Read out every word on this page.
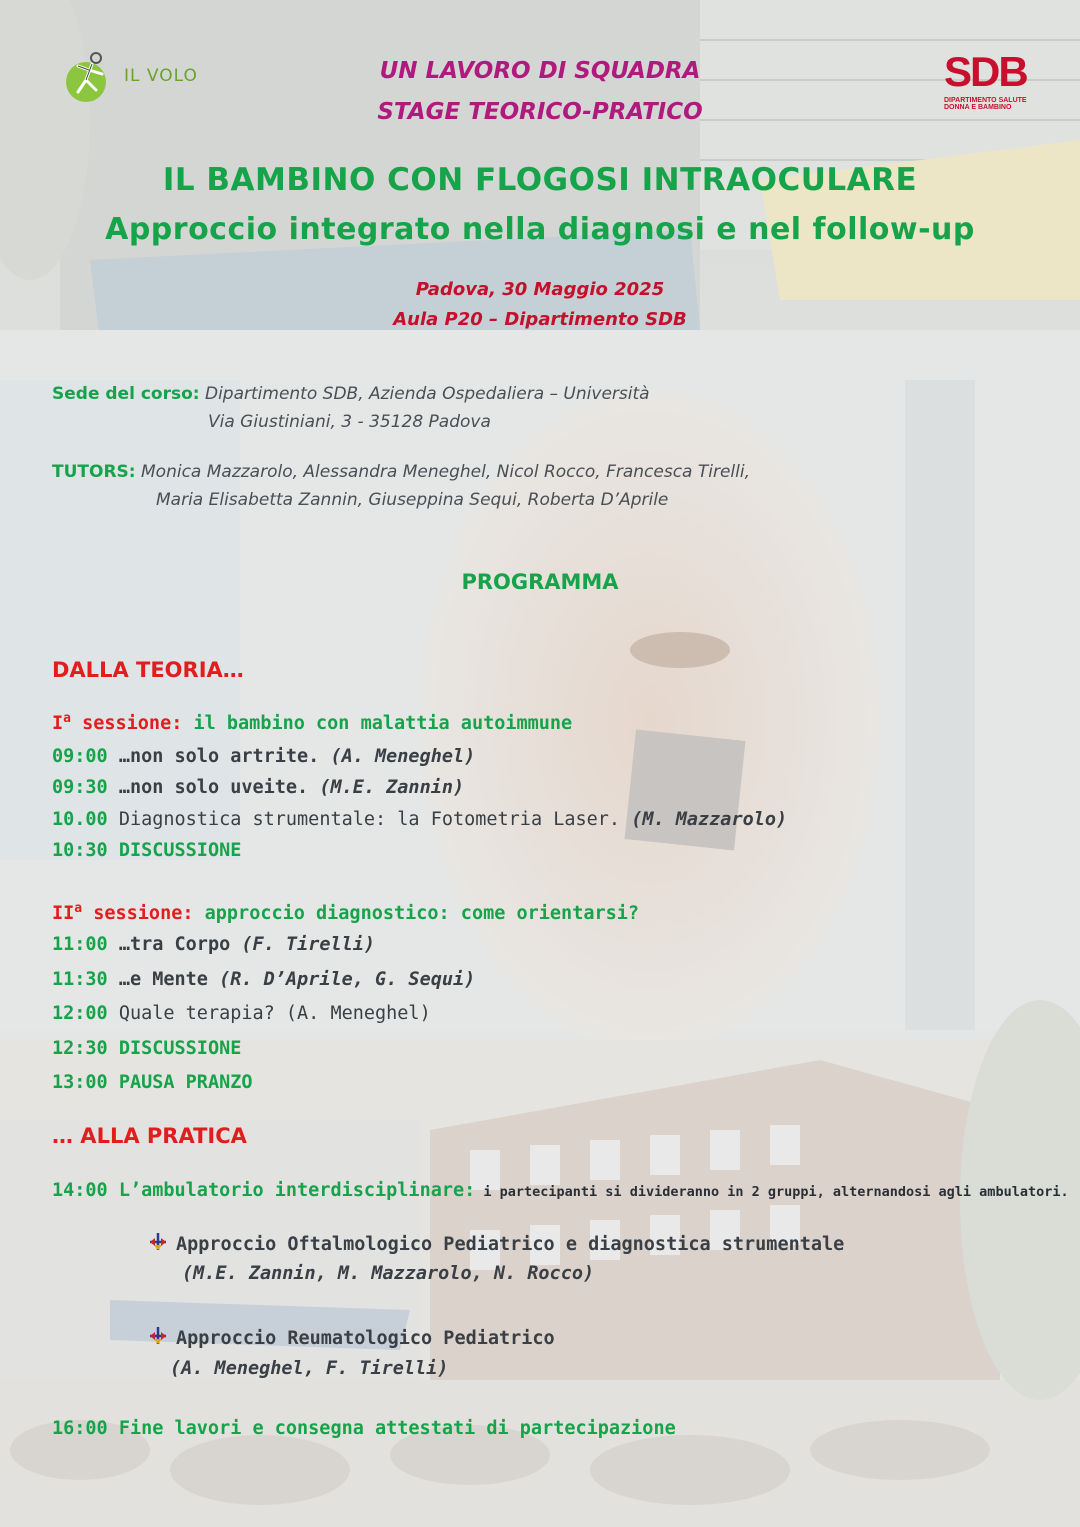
IL VOLO	UN LAVORO DI SQUADRA
STAGE TEORICO-PRATICO
SDB
DIPARTIMENTO SALUTE
DONNA E BAMBINO
IL BAMBINO CON FLOGOSI INTRAOCULARE
Approccio integrato nella diagnosi e nel follow-up
Padova, 30 Maggio 2025
Aula P20 – Dipartimento SDB
Sede del corso: Dipartimento SDB, Azienda Ospedaliera – Università
Via Giustiniani, 3 - 35128 Padova
TUTORS: Monica Mazzarolo, Alessandra Meneghel, Nicol Rocco, Francesca Tirelli,
Maria Elisabetta Zannin, Giuseppina Sequi, Roberta D’Aprile
PROGRAMMA
DALLA TEORIA…
$I^a$ sessione: il bambino con malattia autoimmune
09:00 …non solo artrite. (A. Meneghel)
09:30 …non solo uveite. (M.E. Zannin)
10.00 Diagnostica strumentale: la Fotometria Laser. (M. Mazzarolo)
10:30 DISCUSSIONE
$II^a$ sessione: approccio diagnostico: come orientarsi?
11:00 …tra Corpo (F. Tirelli)
11:30 …e Mente (R. D’Aprile, G. Sequi)
12:00 Quale terapia? (A. Meneghel)
12:30 DISCUSSIONE
13:00 PAUSA PRANZO
… ALLA PRATICA
14:00 L’ambulatorio interdisciplinare: i partecipanti si divideranno in 2 gruppi, alternandosi agli ambulatori.
Approccio Oftalmologico Pediatrico e diagnostica strumentale
(M.E. Zannin, M. Mazzarolo, N. Rocco)
Approccio Reumatologico Pediatrico
(A. Meneghel, F. Tirelli)
16:00 Fine lavori e consegna attestati di partecipazione
